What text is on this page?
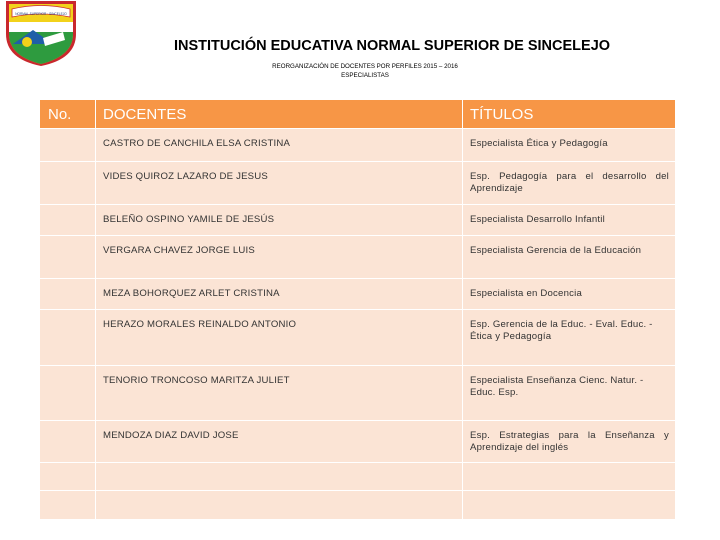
NORMAL SUPERIOR · SINCELEJO
INSTITUCIÓN EDUCATIVA NORMAL SUPERIOR DE SINCELEJO
REORGANIZACIÓN DE DOCENTES POR PERFILES 2015 – 2016
ESPECIALISTAS
No.	DOCENTES	TÍTULOS

	CASTRO DE CANCHILA ELSA CRISTINA	Especialista Ética y Pedagogía

	VIDES QUIROZ LAZARO DE JESUS	Esp. Pedagogía para el desarrollo del Aprendizaje

	BELEÑO OSPINO YAMILE DE JESÚS	Especialista Desarrollo Infantil

	VERGARA CHAVEZ JORGE LUIS	Especialista Gerencia de la Educación

	MEZA BOHORQUEZ ARLET CRISTINA	Especialista en Docencia

	HERAZO MORALES REINALDO ANTONIO	Esp. Gerencia de la Educ. - Eval. Educ. - Ética y Pedagogía

	TENORIO TRONCOSO MARITZA JULIET	Especialista Enseñanza Cienc. Natur. - Educ. Esp.

	MENDOZA DIAZ DAVID JOSE	Esp. Estrategias para la Enseñanza y Aprendizaje del inglés
